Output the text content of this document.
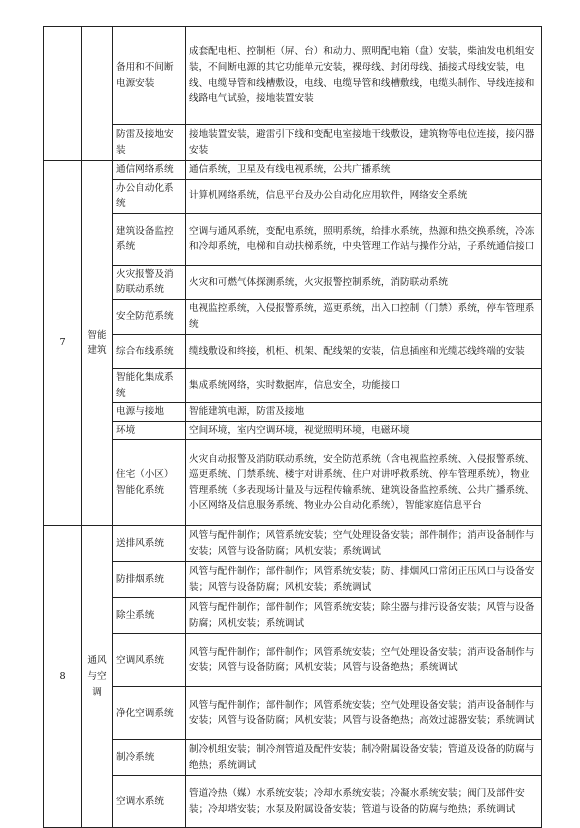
		备用和不间断电源安装	成套配电柜、控制柜（屏、台）和动力、照明配电箱（盘）安装，柴油发电机组安装，不间断电源的其它功能单元安装，裸母线、封闭母线、插接式母线安装，电线、电缆导管和线槽敷设，电线、电缆导管和线槽敷线，电缆头制作、导线连接和线路电气试验，接地装置安装
		防雷及接地安装	接地装置安装，避雷引下线和变配电室接地干线敷设，建筑物等电位连接，接闪器安装
7	智能建筑	通信网络系统	通信系统，卫星及有线电视系统，公共广播系统
		办公自动化系统	计算机网络系统，信息平台及办公自动化应用软件，网络安全系统
		建筑设备监控系统	空调与通风系统，变配电系统，照明系统，给排水系统，热源和热交换系统，冷冻和冷却系统，电梯和自动扶梯系统，中央管理工作站与操作分站，子系统通信接口
		火灾报警及消防联动系统	火灾和可燃气体探测系统，火灾报警控制系统，消防联动系统
		安全防范系统	电视监控系统，入侵报警系统，巡更系统，出入口控制（门禁）系统，停车管理系统
		综合布线系统	缆线敷设和终接，机柜、机架、配线架的安装，信息插座和光缆芯线终端的安装
		智能化集成系统	集成系统网络，实时数据库，信息安全，功能接口
		电源与接地	智能建筑电源，防雷及接地
		环境	空间环境，室内空调环境，视觉照明环境，电磁环境
		住宅（小区）智能化系统	火灾自动报警及消防联动系统，安全防范系统（含电视监控系统、入侵报警系统、巡更系统、门禁系统、楼宇对讲系统、住户对讲呼救系统、停车管理系统），物业管理系统（多表现场计量及与远程传输系统、建筑设备监控系统、公共广播系统、小区网络及信息服务系统、物业办公自动化系统），智能家庭信息平台
8	通风与空调	送排风系统	风管与配件制作；风管系统安装；空气处理设备安装；部件制作；消声设备制作与安装；风管与设备防腐；风机安装；系统调试
		防排烟系统	风管与配件制作；部件制作；风管系统安装；防、排烟风口常闭正压风口与设备安装；风管与设备防腐；风机安装；系统调试
		除尘系统	风管与配件制作；部件制作；风管系统安装；除尘器与排污设备安装；风管与设备防腐；风机安装；系统调试
		空调风系统	风管与配件制作；部件制作；风管系统安装；空气处理设备安装；消声设备制作与安装；风管与设备防腐；风机安装；风管与设备绝热；系统调试
		净化空调系统	风管与配件制作；部件制作；风管系统安装；空气处理设备安装；消声设备制作与安装；风管与设备防腐；风机安装；风管与设备绝热；高效过滤器安装；系统调试
		制冷系统	制冷机组安装；制冷剂管道及配件安装；制冷附属设备安装；管道及设备的防腐与绝热；系统调试
		空调水系统	管道冷热（媒）水系统安装；冷却水系统安装；冷凝水系统安装；阀门及部件安装；冷却塔安装；水泵及附属设备安装；管道与设备的防腐与绝热；系统调试
